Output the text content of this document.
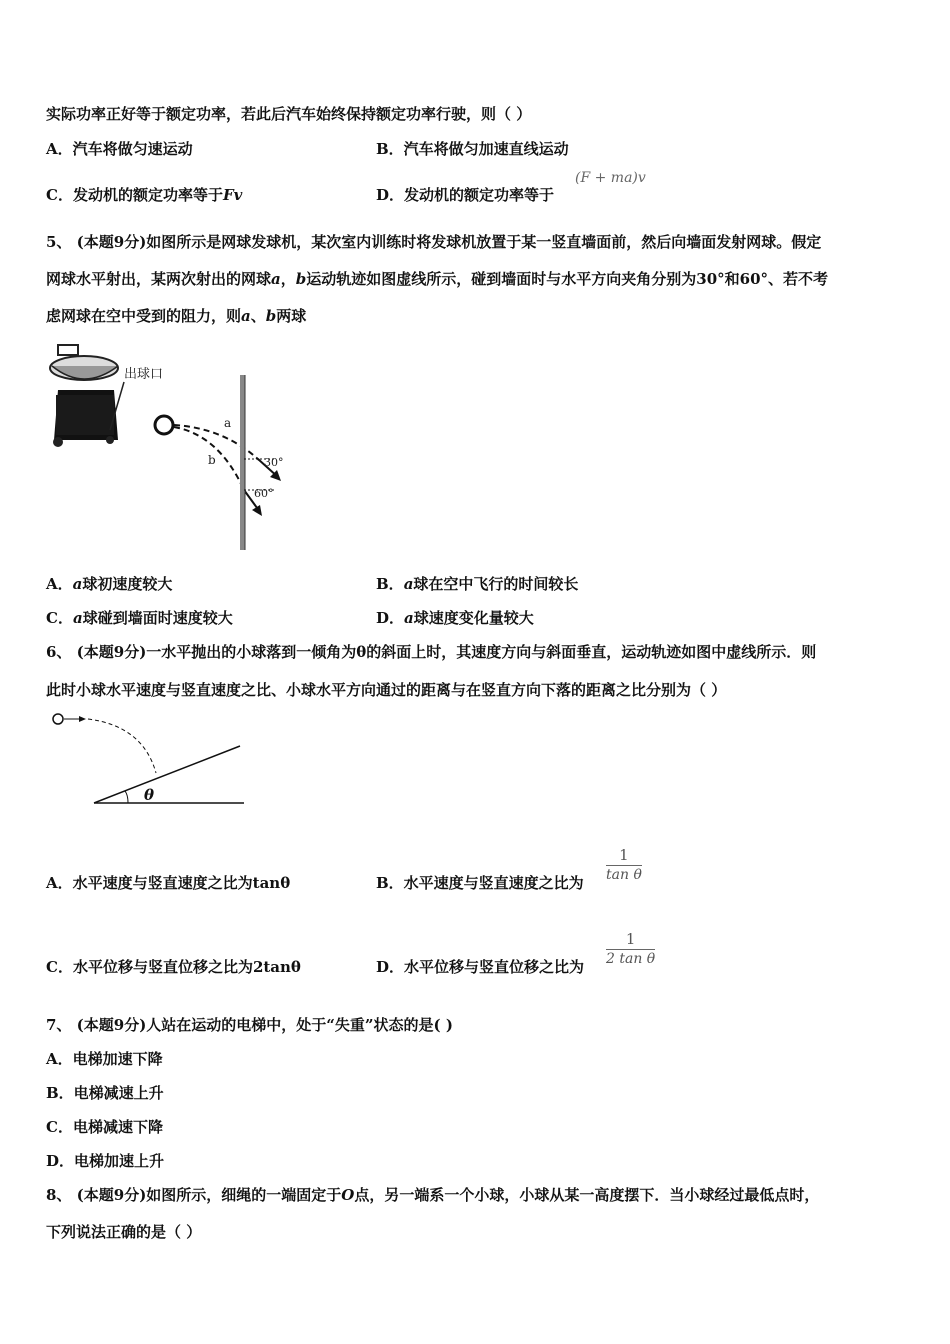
实际功率正好等于额定功率，若此后汽车始终保持额定功率行驶，则（ ）
A．汽车将做匀速运动	B．汽车将做匀加速直线运动
C．发动机的额定功率等于Fv	D．发动机的额定功率等于
(F + ma)v
5、 (本题9分)如图所示是网球发球机，某次室内训练时将发球机放置于某一竖直墙面前，然后向墙面发射网球。假定
网球水平射出，某两次射出的网球a，b运动轨迹如图虚线所示，碰到墙面时与水平方向夹角分别为30°和60°、若不考
虑网球在空中受到的阻力，则a、b两球
出球口
a
b	30°
60°
A．a球初速度较大	B．a球在空中飞行的时间较长
C．a球碰到墙面时速度较大	D．a球速度变化量较大
6、 (本题9分)一水平抛出的小球落到一倾角为θ的斜面上时，其速度方向与斜面垂直，运动轨迹如图中虚线所示．则
此时小球水平速度与竖直速度之比、小球水平方向通过的距离与在竖直方向下落的距离之比分别为（ ）
θ
A．水平速度与竖直速度之比为tanθ	B．水平速度与竖直速度之比为 $\frac{1}{\text{tan θ}}$
C．水平位移与竖直位移之比为2tanθ	D．水平位移与竖直位移之比为 $\frac{1}{\text{2 tan θ}}$
7、 (本题9分)人站在运动的电梯中，处于“失重”状态的是( )
A．电梯加速下降
B．电梯减速上升
C．电梯减速下降
D．电梯加速上升
8、 (本题9分)如图所示，细绳的一端固定于O点，另一端系一个小球，小球从某一高度摆下．当小球经过最低点时，
下列说法正确的是（ ）
